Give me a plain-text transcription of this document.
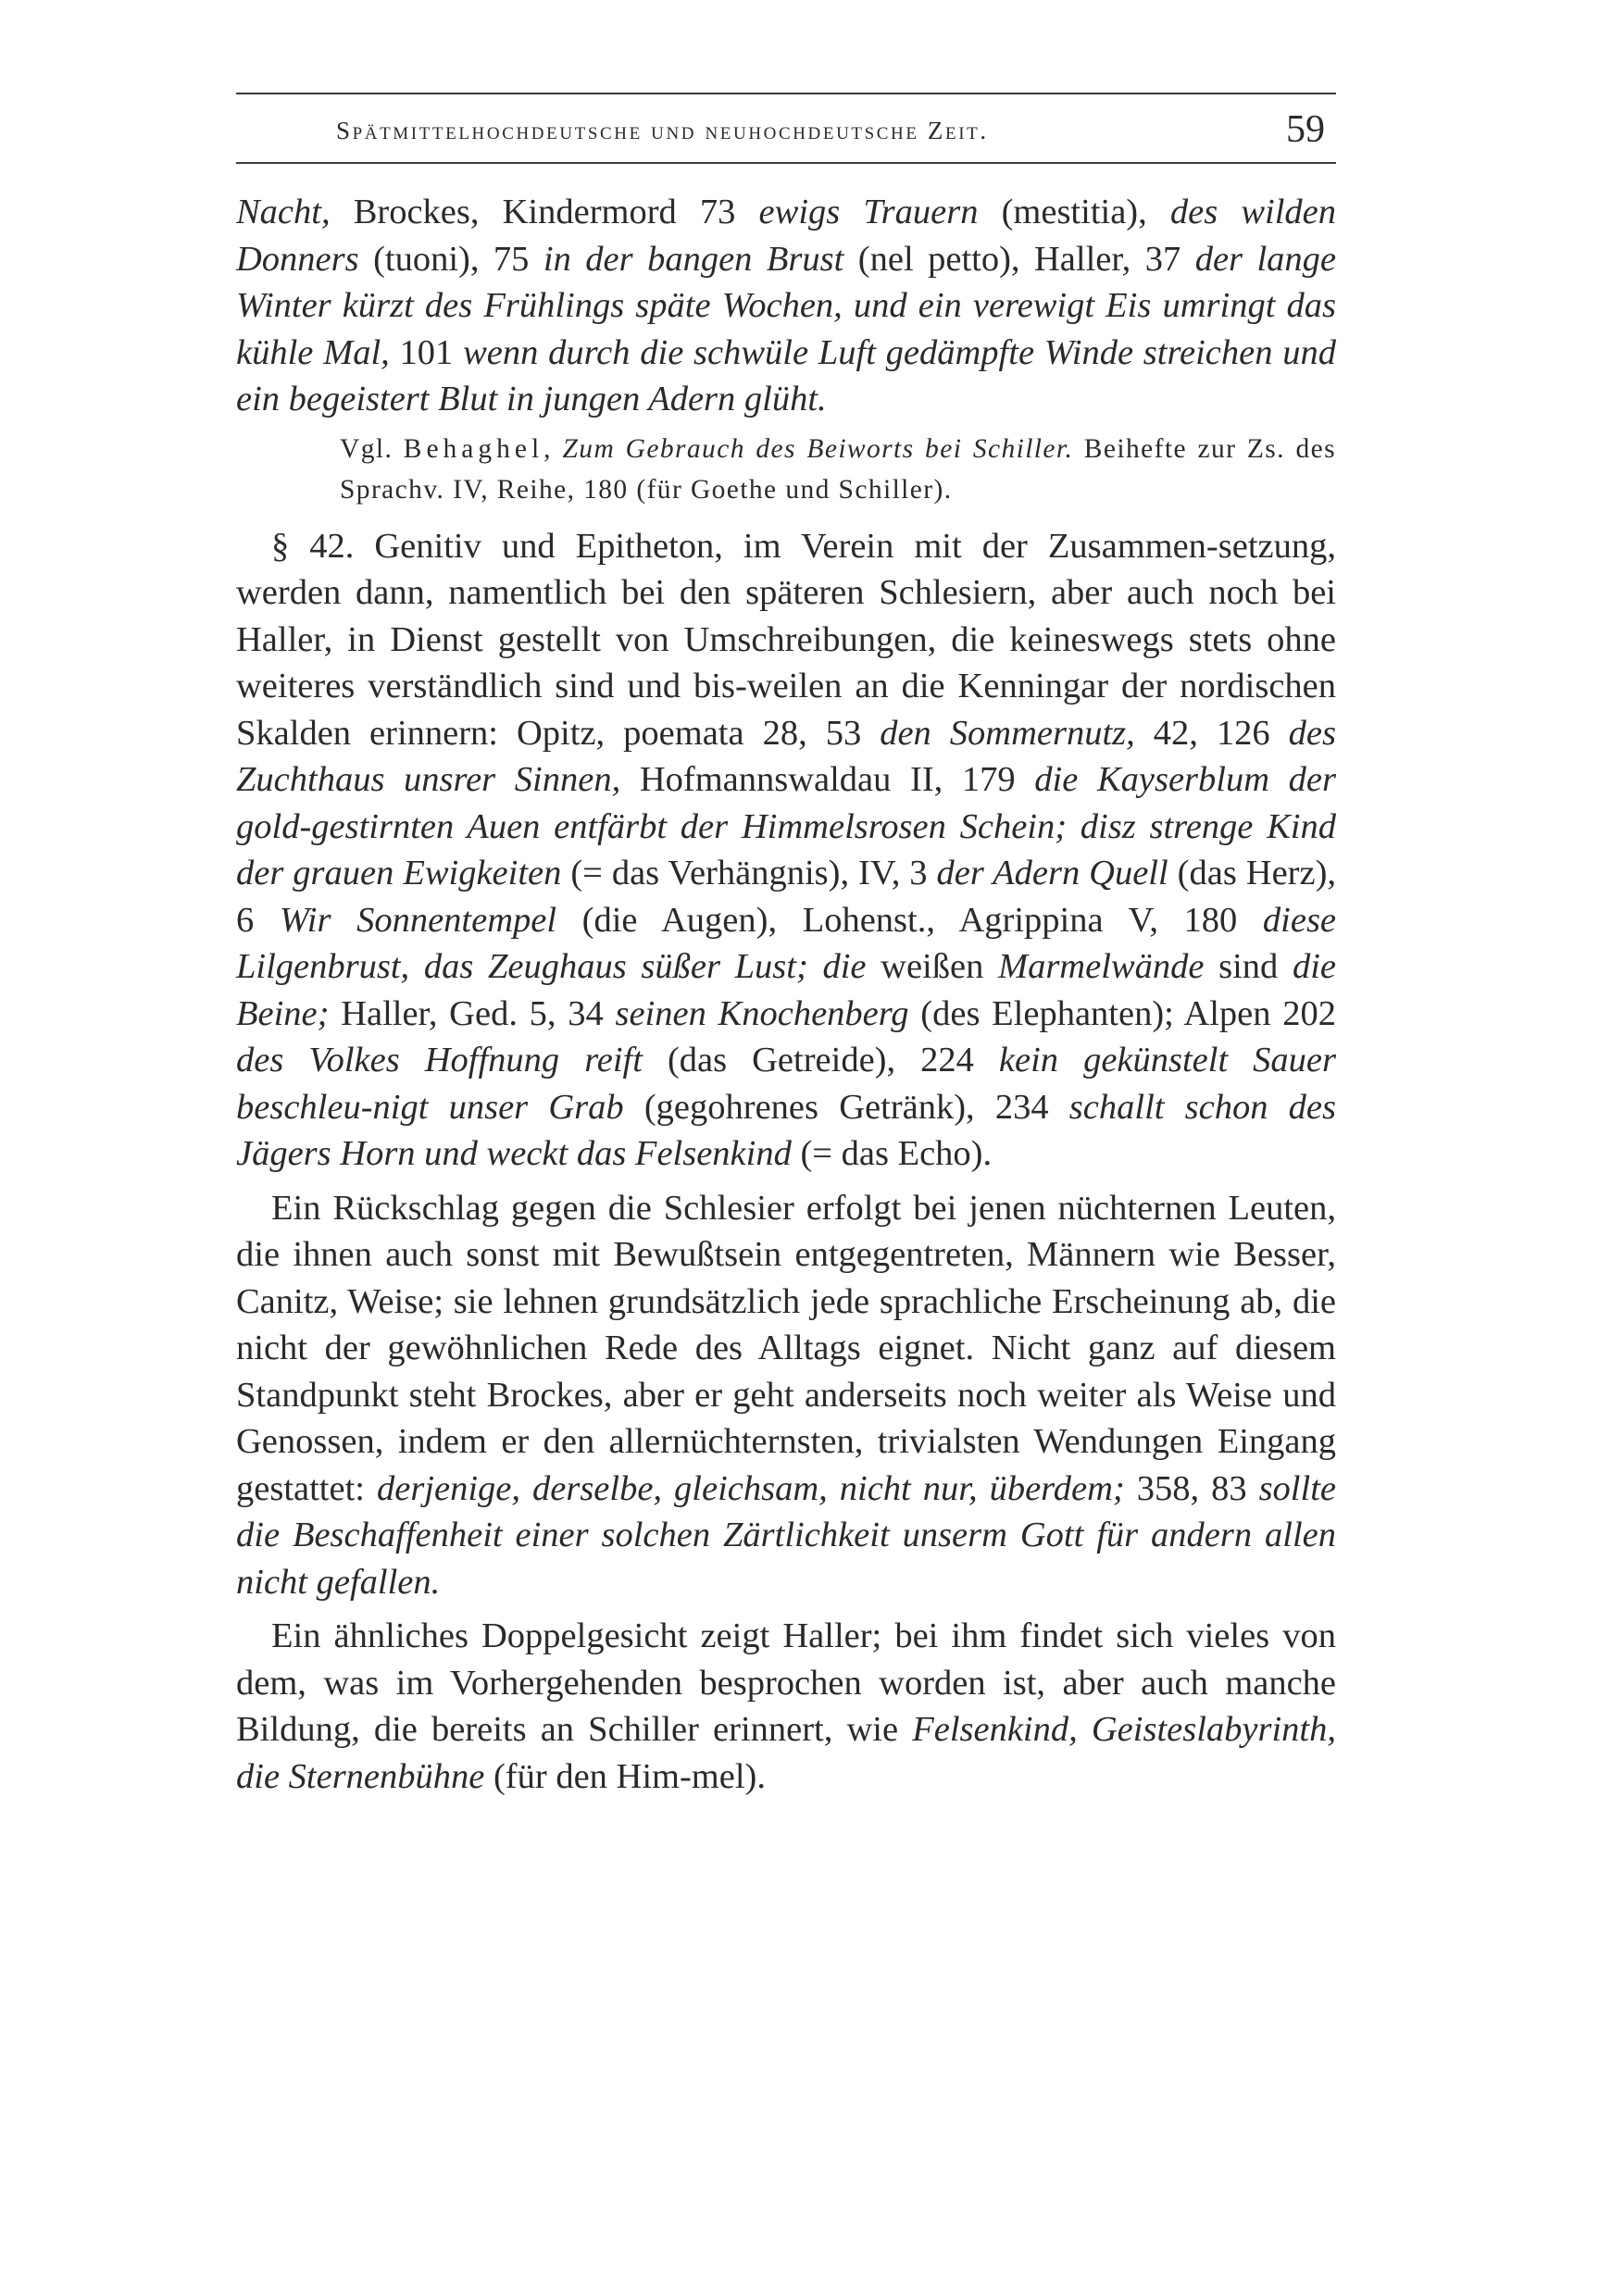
Spätmittelhochdeutsche und neuhochdeutsche Zeit.	59

Nacht, Brockes, Kindermord 73 ewigs Trauern (mestitia), des wilden Donners (tuoni), 75 in der bangen Brust (nel petto), Haller, 37 der lange Winter kürzt des Frühlings späte Wochen, und ein verewigt Eis umringt das kühle Mal, 101 wenn durch die schwüle Luft gedämpfte Winde streichen und ein begeistert Blut in jungen Adern glüht.

Vgl. Behaghel, Zum Gebrauch des Beiworts bei Schiller. Beihefte zur Zs. des Sprachv. IV, Reihe, 180 (für Goethe und Schiller).

§ 42. Genitiv und Epitheton, im Verein mit der Zusammen-setzung, werden dann, namentlich bei den späteren Schlesiern, aber auch noch bei Haller, in Dienst gestellt von Umschreibungen, die keineswegs stets ohne weiteres verständlich sind und bis-weilen an die Kenningar der nordischen Skalden erinnern: Opitz, poemata 28, 53 den Sommernutz, 42, 126 des Zuchthaus unsrer Sinnen, Hofmannswaldau II, 179 die Kayserblum der gold-gestirnten Auen entfärbt der Himmelsrosen Schein; disz strenge Kind der grauen Ewigkeiten (= das Verhängnis), IV, 3 der Adern Quell (das Herz), 6 Wir Sonnentempel (die Augen), Lohenst., Agrippina V, 180 diese Lilgenbrust, das Zeughaus süßer Lust; die weißen Marmelwände sind die Beine; Haller, Ged. 5, 34 seinen Knochenberg (des Elephanten); Alpen 202 des Volkes Hoffnung reift (das Getreide), 224 kein gekünstelt Sauer beschleu-nigt unser Grab (gegohrenes Getränk), 234 schallt schon des Jägers Horn und weckt das Felsenkind (= das Echo).

Ein Rückschlag gegen die Schlesier erfolgt bei jenen nüchternen Leuten, die ihnen auch sonst mit Bewußtsein entgegentreten, Männern wie Besser, Canitz, Weise; sie lehnen grundsätzlich jede sprachliche Erscheinung ab, die nicht der gewöhnlichen Rede des Alltags eignet. Nicht ganz auf diesem Standpunkt steht Brockes, aber er geht anderseits noch weiter als Weise und Genossen, indem er den allernüchternsten, trivialsten Wendungen Eingang gestattet: derjenige, derselbe, gleichsam, nicht nur, überdem; 358, 83 sollte die Beschaffenheit einer solchen Zärtlichkeit unserm Gott für andern allen nicht gefallen.

Ein ähnliches Doppelgesicht zeigt Haller; bei ihm findet sich vieles von dem, was im Vorhergehenden besprochen worden ist, aber auch manche Bildung, die bereits an Schiller erinnert, wie Felsenkind, Geisteslabyrinth, die Sternenbühne (für den Him-mel).
